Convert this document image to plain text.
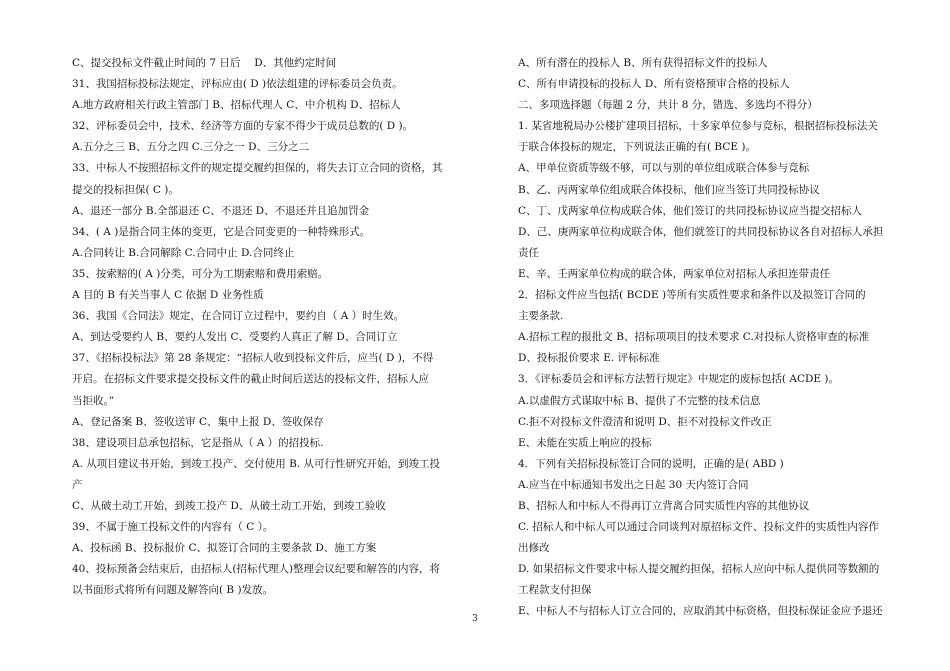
C、提交投标文件截止时间的 7 日后　 D、其他约定时间
31、我国招标投标法规定，评标应由( D )依法组建的评标委员会负责。
A.地方政府相关行政主管部门 B、招标代理人 C、中介机构 D、招标人
32、评标委员会中，技术、经济等方面的专家不得少于成员总数的( D )。
A.五分之三 B、五分之四 C.三分之一 D、三分之二
33、中标人不按照招标文件的规定提交履约担保的，将失去订立合同的资格，其
提交的投标担保( C )。
A、退还一部分 B.全部退还 C、不退还 D、不退还并且追加罚金
34、( A )是指合同主体的变更，它是合同变更的一种特殊形式。
A.合同转让 B.合同解除 C.合同中止 D.合同终止
35、按索赔的( A )分类，可分为工期索赔和费用索赔。
A 目的 B 有关当事人 C 依据 D 业务性质
36、我国《合同法》规定，在合同订立过程中，要约自（ A ）时生效。
A、到达受要约人 B、要约人发出 C、受要约人真正了解 D、合同订立
37、《招标投标法》第 28 条规定：“招标人收到投标文件后，应当( D )，不得
开启。在招标文件要求提交投标文件的截止时间后送达的投标文件，招标人应
当拒收。”
A、登记备案 B、签收送审 C、集中上报 D、签收保存
38、建设项目总承包招标，它是指从（ A ）的招投标.
A. 从项目建议书开始，到竣工投产、交付使用 B. 从可行性研究开始，到竣工投
产
C、从破土动工开始，到竣工投产 D、从破土动工开始，到竣工验收
39、不属于施工投标文件的内容有（ C ）。
A、投标函 B、投标报价 C、拟签订合同的主要条款 D、施工方案
40、投标预备会结束后，由招标人(招标代理人)整理会议纪要和解答的内容，将
以书面形式将所有问题及解答向( B )发放。
A、所有潜在的投标人 B、所有获得招标文件的投标人
C、所有申请投标的投标人 D、所有资格预审合格的投标人
二、多项选择题（每题 2 分，共计 8 分，错选、多选均不得分）
1. 某省地税局办公楼扩建项目招标，十多家单位参与竞标，根据招标投标法关
于联合体投标的规定，下列说法正确的有( BCE )。
A、甲单位资质等级不够，可以与别的单位组成联合体参与竞标
B、乙、丙两家单位组成联合体投标，他们应当签订共同投标协议
C、丁、戊两家单位构成联合体，他们签订的共同投标协议应当提交招标人
D、己、庚两家单位构成联合体，他们就签订的共同投标协议各自对招标人承担
责任
E、辛、壬两家单位构成的联合体，两家单位对招标人承担连带责任
2．招标文件应当包括( BCDE )等所有实质性要求和条件以及拟签订合同的
主要条款.
A.招标工程的报批文 B、招标项项目的技术要求 C.对投标人资格审查的标准
D、投标报价要求 E. 评标标准
3．《评标委员会和评标方法暂行规定》中规定的废标包括( ACDE )。
A.以虚假方式谋取中标 B、提供了不完整的技术信息
C.拒不对投标文件澄清和说明 D、拒不对投标文件改正
E、未能在实质上响应的投标
4．下列有关招标投标签订合同的说明，正确的是( ABD )
A.应当在中标通知书发出之日起 30 天内签订合同
B、招标人和中标人不得再订立背离合同实质性内容的其他协议
C. 招标人和中标人可以通过合同谈判对原招标文件、投标文件的实质性内容作
出修改
D. 如果招标文件要求中标人提交履约担保，招标人应向中标人提供同等数额的
工程款支付担保
E、中标人不与招标人订立合同的，应取消其中标资格，但投标保证金应予退还
3
